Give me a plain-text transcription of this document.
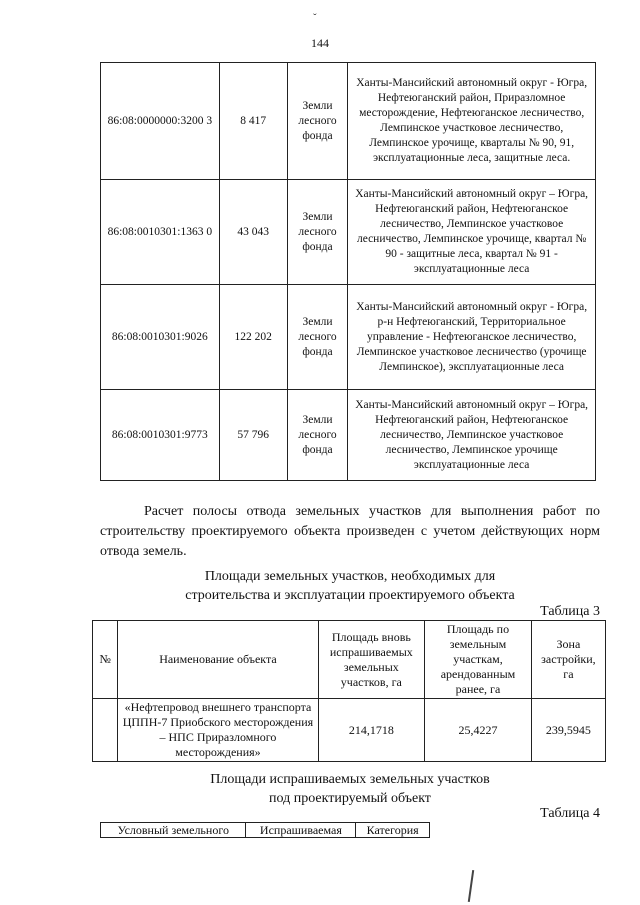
ˇ
144
86:08:0000000:3200 3	8 417	Земли лесного фонда	Ханты-Мансийский автономный округ - Югра, Нефтеюганский район, Приразломное месторождение, Нефтеюганское лесничество, Лемпинское участковое лесничество, Лемпинское урочище, кварталы № 90, 91, эксплуатационные леса, защитные леса.
86:08:0010301:1363 0	43 043	Земли лесного фонда	Ханты-Мансийский автономный округ – Югра, Нефтеюганский район, Нефтеюганское лесничество, Лемпинское участковое лесничество, Лемпинское урочище, квартал № 90 - защитные леса, квартал № 91 - эксплуатационные леса
86:08:0010301:9026	122 202	Земли лесного фонда	Ханты-Мансийский автономный округ - Югра, р-н Нефтеюганский, Территориальное управление - Нефтеюганское лесничество, Лемпинское участковое лесничество (урочище Лемпинское), эксплуатационные леса
86:08:0010301:9773	57 796	Земли лесного фонда	Ханты-Мансийский автономный округ – Югра, Нефтеюганский район, Нефтеюганское лесничество, Лемпинское участковое лесничество, Лемпинское урочище эксплуатационные леса
Расчет полосы отвода земельных участков для выполнения работ по строительству проектируемого объекта произведен с учетом действующих норм отвода земель.
Площади земельных участков, необходимых для
строительства и эксплуатации проектируемого объекта
Таблица 3
№	Наименование объекта	Площадь вновь испрашиваемых земельных участков, га	Площадь по земельным участкам, арендованным ранее, га	Зона застройки, га
	«Нефтепровод внешнего транспорта ЦППН-7 Приобского месторождения – НПС Приразломного месторождения»	214,1718	25,4227	239,5945
Площади испрашиваемых земельных участков
под проектируемый объект
Таблица 4
Условный земельного	Испрашиваемая	Категория
